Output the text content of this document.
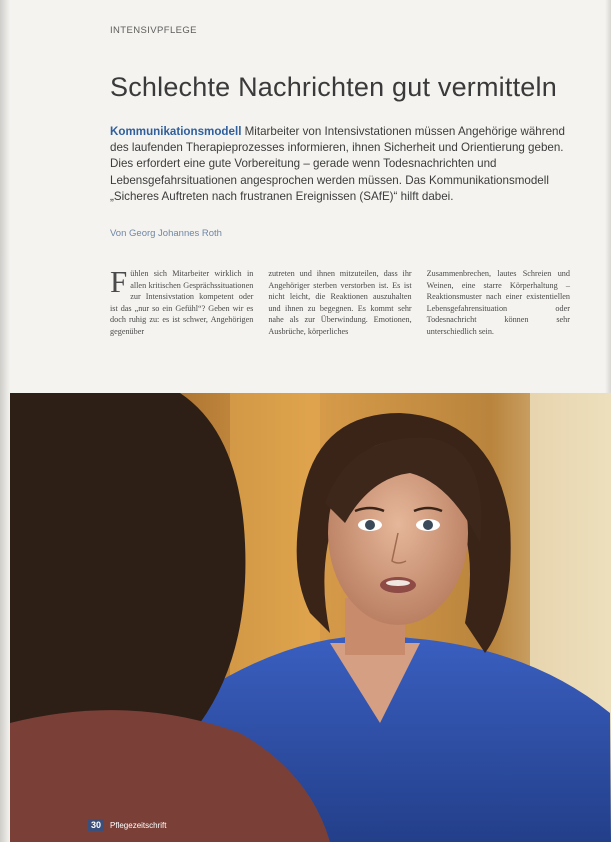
INTENSIVPFLEGE
Schlechte Nachrichten gut vermitteln

Kommunikationsmodell Mitarbeiter von Intensivstationen müssen Angehörige während des laufenden Therapieprozesses informieren, ihnen Sicherheit und Orientierung geben. Dies erfordert eine gute Vorbereitung – gerade wenn Todesnachrichten und Lebensgefahrsituationen angesprochen werden müssen. Das Kommunikationsmodell „Sicheres Auftreten nach frustranen Ereignissen (SAfE)“ hilft dabei.

Von Georg Johannes Roth
Fühlen sich Mitarbeiter wirklich in allen kritischen Gesprächssituationen zur Intensivstation kompetent oder ist das „nur so ein Gefühl“? Geben wir es doch ruhig zu: es ist schwer, Angehörigen gegenüber
zutreten und ihnen mitzuteilen, dass ihr Angehöriger sterben verstorben ist. Es ist nicht leicht, die Reaktionen auszuhalten und ihnen zu begegnen. Es kommt sehr nahe als zur Überwindung. Emotionen, Ausbrüche, körperliches
Zusammenbrechen, lautes Schreien und Weinen, eine starre Körperhaltung – Reaktionsmuster nach einer existentiellen Lebensgefahrensituation oder Todesnachricht können sehr unterschiedlich sein.
30	Pflegezeitschrift
